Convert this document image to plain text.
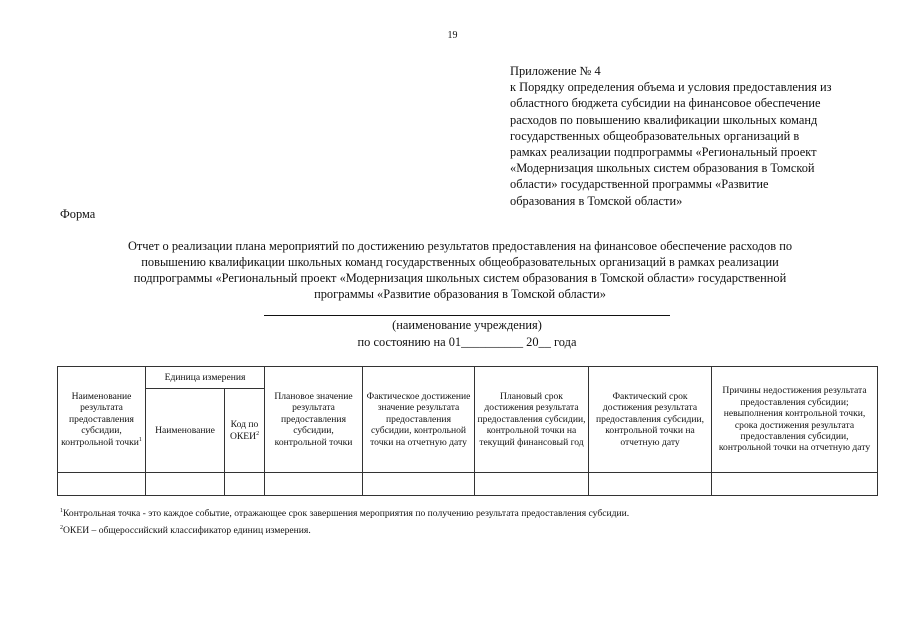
19
Приложение № 4
к Порядку определения объема и условия предоставления из
областного бюджета субсидии на финансовое обеспечение
расходов по повышению квалификации школьных команд
государственных общеобразовательных организаций в
рамках реализации подпрограммы «Региональный проект
«Модернизация школьных систем образования в Томской
области» государственной программы «Развитие
образования в Томской области»
Форма
Отчет о реализации плана мероприятий по достижению результатов предоставления на финансовое обеспечение расходов по
повышению квалификации школьных команд государственных общеобразовательных организаций в рамках реализации
подпрограммы «Региональный проект «Модернизация школьных систем образования в Томской области» государственной
программы «Развитие образования в Томской области»
(наименование учреждения)
по состоянию на 01__________ 20__ года
Наименование результата предоставления субсидии, контрольной точки$^1$	Единица измерения		Плановое значение результата предоставления субсидии, контрольной точки	Фактическое достижение значение результата предоставления субсидии, контрольной точки на отчетную дату	Плановый срок достижения результата предоставления субсидии, контрольной точки на текущий финансовый год	Фактический срок достижения результата предоставления субсидии, контрольной точки на отчетную дату	Причины недостижения результата предоставления субсидии; невыполнения контрольной точки, срока достижения результата предоставления субсидии, контрольной точки на отчетную дату
	Наименование	Код по ОКЕИ$^2$

$^1$Контрольная точка - это каждое событие, отражающее срок завершения мероприятия по получению результата предоставления субсидии.
$^2$ОКЕИ – общероссийский классификатор единиц измерения.
